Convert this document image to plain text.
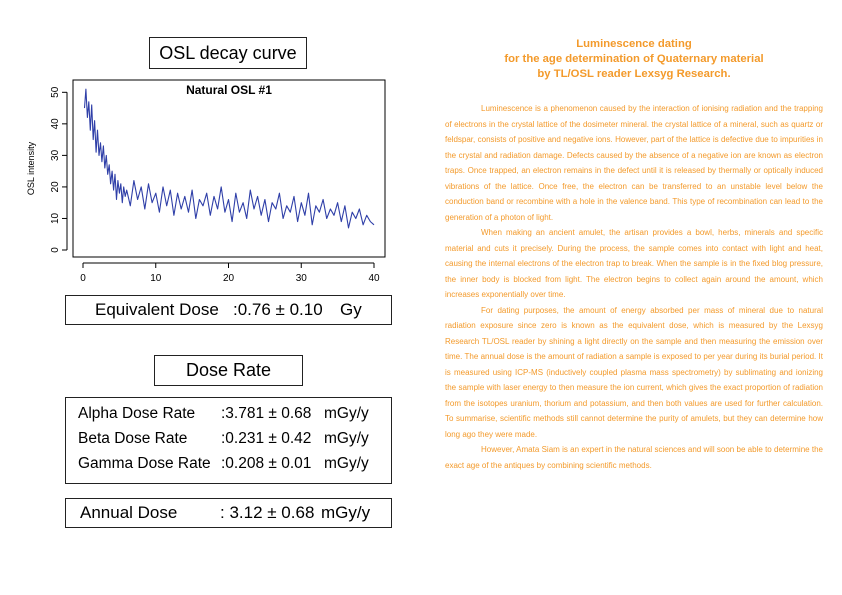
OSL decay curve
Natural OSL #1
0	10	20	30	40
0
10
20
30
40
50
OSL intensity
Equivalent Dose :0.76 ± 0.10 Gy
Dose Rate
Alpha Dose Rate :3.781 ± 0.68 mGy/y
Beta Dose Rate :0.231 ± 0.42 mGy/y
Gamma Dose Rate :0.208 ± 0.01 mGy/y
Annual Dose	: 3.12 ± 0.68 mGy/y
Luminescence dating
for the age determination of Quaternary material
by TL/OSL reader Lexsyg Research.

Luminescence is a phenomenon caused by the interaction of ionising radiation and the trapping of electrons in the crystal lattice of the dosimeter mineral. the crystal lattice of a mineral, such as quartz or feldspar, consists of positive and negative ions. However, part of the lattice is defective due to impurities in the crystal and radiation damage. Defects caused by the absence of a negative ion are known as electron traps. Once trapped, an electron remains in the defect until it is released by thermally or optically induced vibrations of the lattice. Once free, the electron can be transferred to an unstable level below the conduction band or recombine with a hole in the valence band. This type of recombination can lead to the generation of a photon of light.

When making an ancient amulet, the artisan provides a bowl, herbs, minerals and specific material and cuts it precisely. During the process, the sample comes into contact with light and heat, causing the internal electrons of the electron trap to break. When the sample is in the fixed blog pressure, the inner body is blocked from light. The electron begins to collect again around the amount, which increases exponentially over time.

For dating purposes, the amount of energy absorbed per mass of mineral due to natural radiation exposure since zero is known as the equivalent dose, which is measured by the Lexsyg Research TL/OSL reader by shining a light directly on the sample and then measuring the emission over time. The annual dose is the amount of radiation a sample is exposed to per year during its burial period. It is measured using ICP-MS (inductively coupled plasma mass spectrometry) by sublimating and ionizing the sample with laser energy to then measure the ion current, which gives the exact proportion of radiation from the isotopes uranium, thorium and potassium, and then both values are used for further calculation. To summarise, scientific methods still cannot determine the purity of amulets, but they can determine how long ago they were made.

However, Amata Siam is an expert in the natural sciences and will soon be able to determine the exact age of the antiques by combining scientific methods.
